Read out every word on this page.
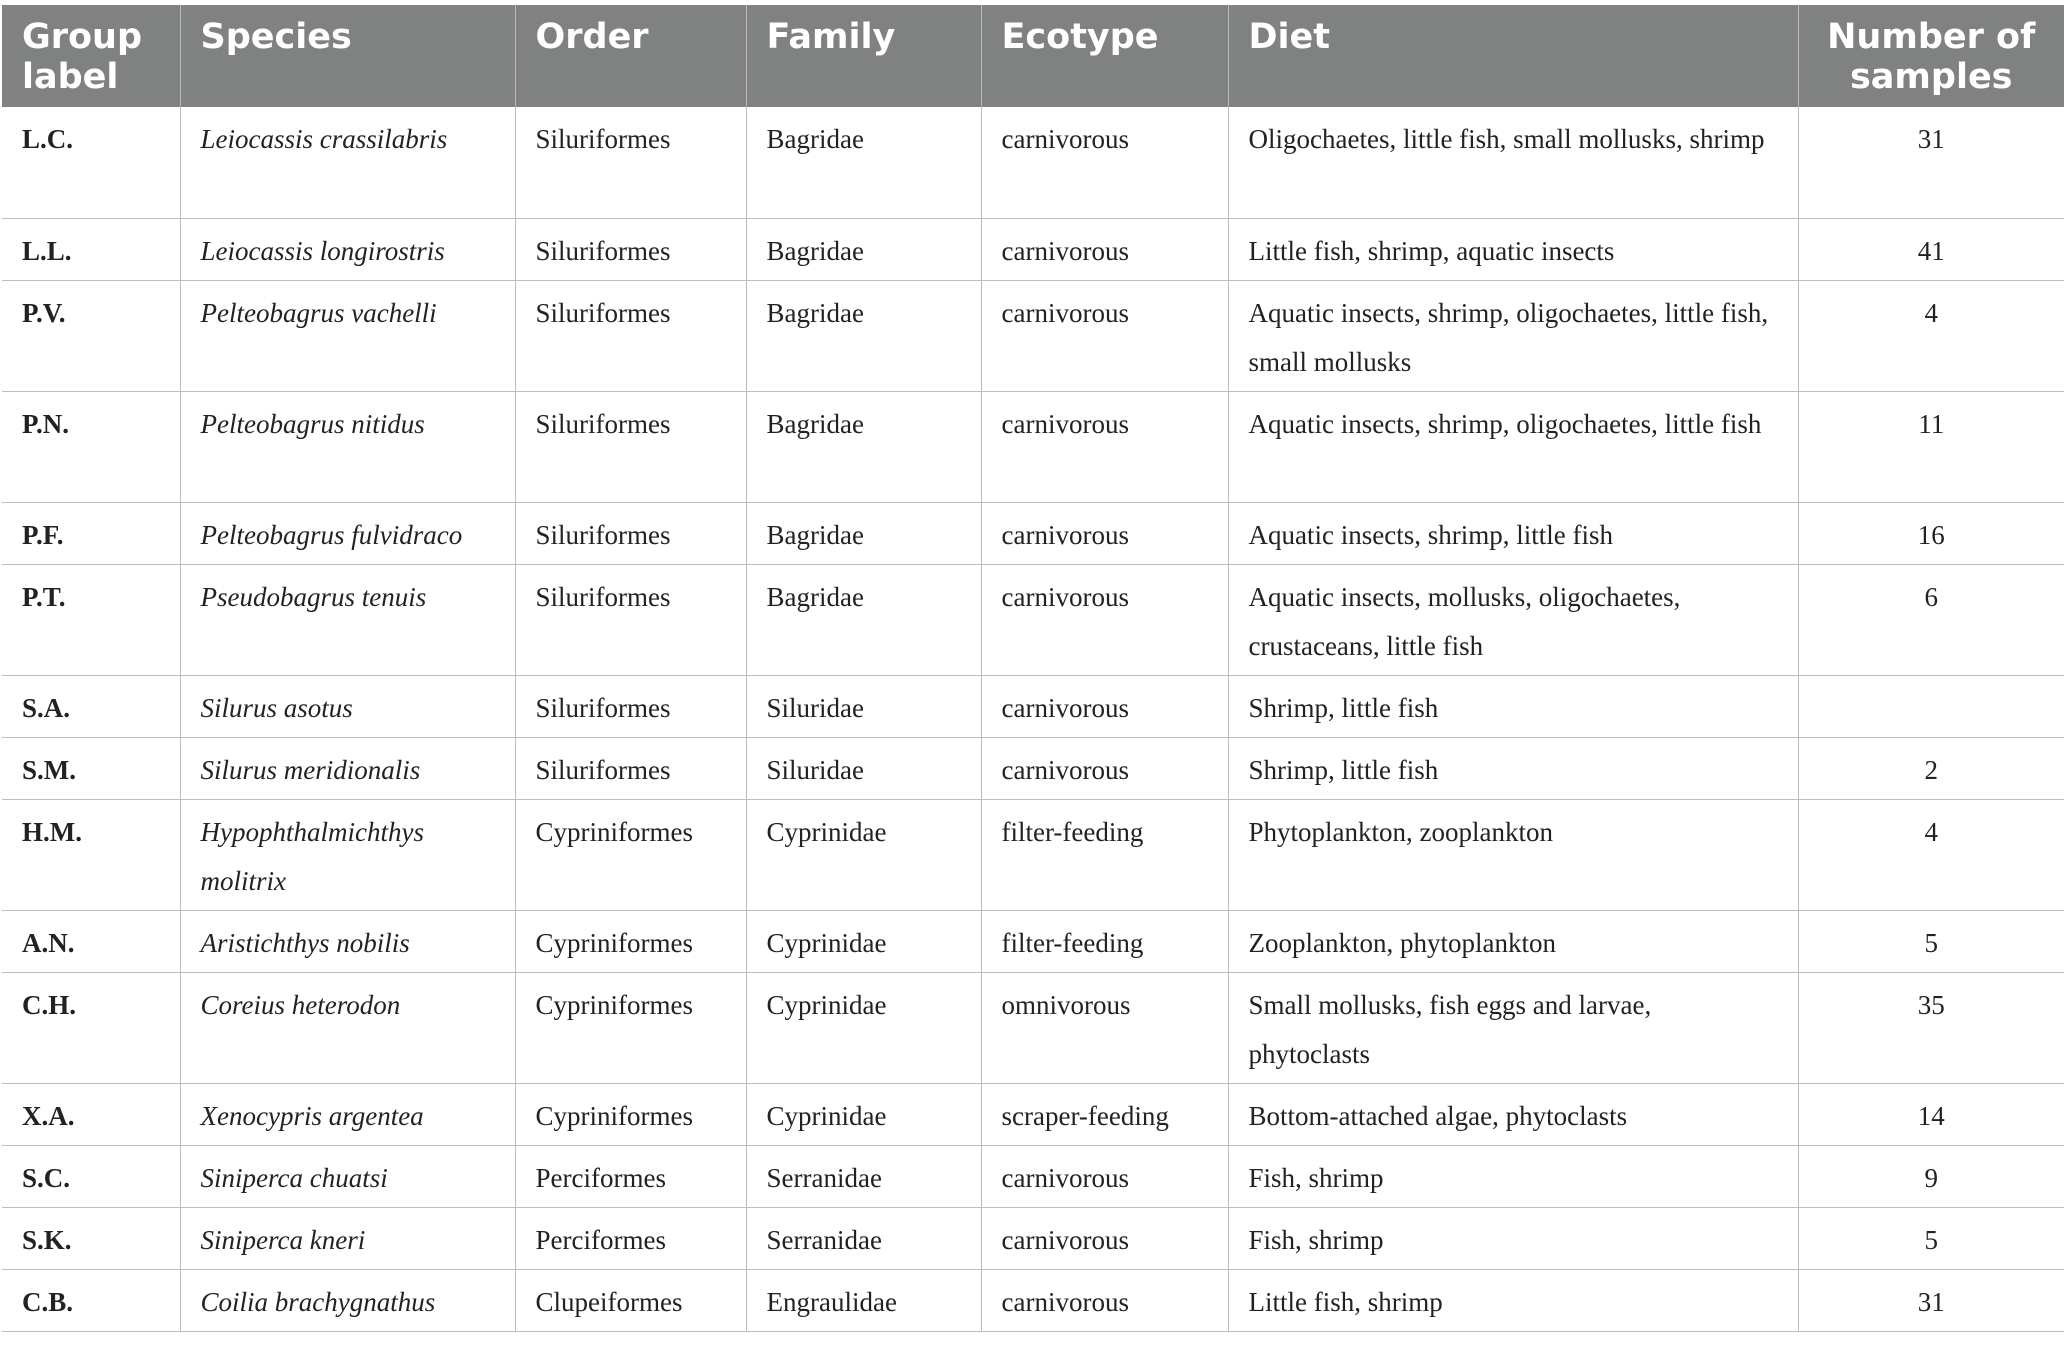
Group label	Species	Order	Family	Ecotype	Diet	Number of samples
L.C.	Leiocassis crassilabris	Siluriformes	Bagridae	carnivorous	Oligochaetes, little fish, small mollusks, shrimp	31
L.L.	Leiocassis longirostris	Siluriformes	Bagridae	carnivorous	Little fish, shrimp, aquatic insects	41
P.V.	Pelteobagrus vachelli	Siluriformes	Bagridae	carnivorous	Aquatic insects, shrimp, oligochaetes, little fish, small mollusks	4
P.N.	Pelteobagrus nitidus	Siluriformes	Bagridae	carnivorous	Aquatic insects, shrimp, oligochaetes, little fish	11
P.F.	Pelteobagrus fulvidraco	Siluriformes	Bagridae	carnivorous	Aquatic insects, shrimp, little fish	16
P.T.	Pseudobagrus tenuis	Siluriformes	Bagridae	carnivorous	Aquatic insects, mollusks, oligochaetes, crustaceans, little fish	6
S.A.	Silurus asotus	Siluriformes	Siluridae	carnivorous	Shrimp, little fish	
S.M.	Silurus meridionalis	Siluriformes	Siluridae	carnivorous	Shrimp, little fish	2
H.M.	Hypophthalmichthys molitrix	Cypriniformes	Cyprinidae	filter-feeding	Phytoplankton, zooplankton	4
A.N.	Aristichthys nobilis	Cypriniformes	Cyprinidae	filter-feeding	Zooplankton, phytoplankton	5
C.H.	Coreius heterodon	Cypriniformes	Cyprinidae	omnivorous	Small mollusks, fish eggs and larvae, phytoclasts	35
X.A.	Xenocypris argentea	Cypriniformes	Cyprinidae	scraper-feeding	Bottom-attached algae, phytoclasts	14
S.C.	Siniperca chuatsi	Perciformes	Serranidae	carnivorous	Fish, shrimp	9
S.K.	Siniperca kneri	Perciformes	Serranidae	carnivorous	Fish, shrimp	5
C.B.	Coilia brachygnathus	Clupeiformes	Engraulidae	carnivorous	Little fish, shrimp	31
